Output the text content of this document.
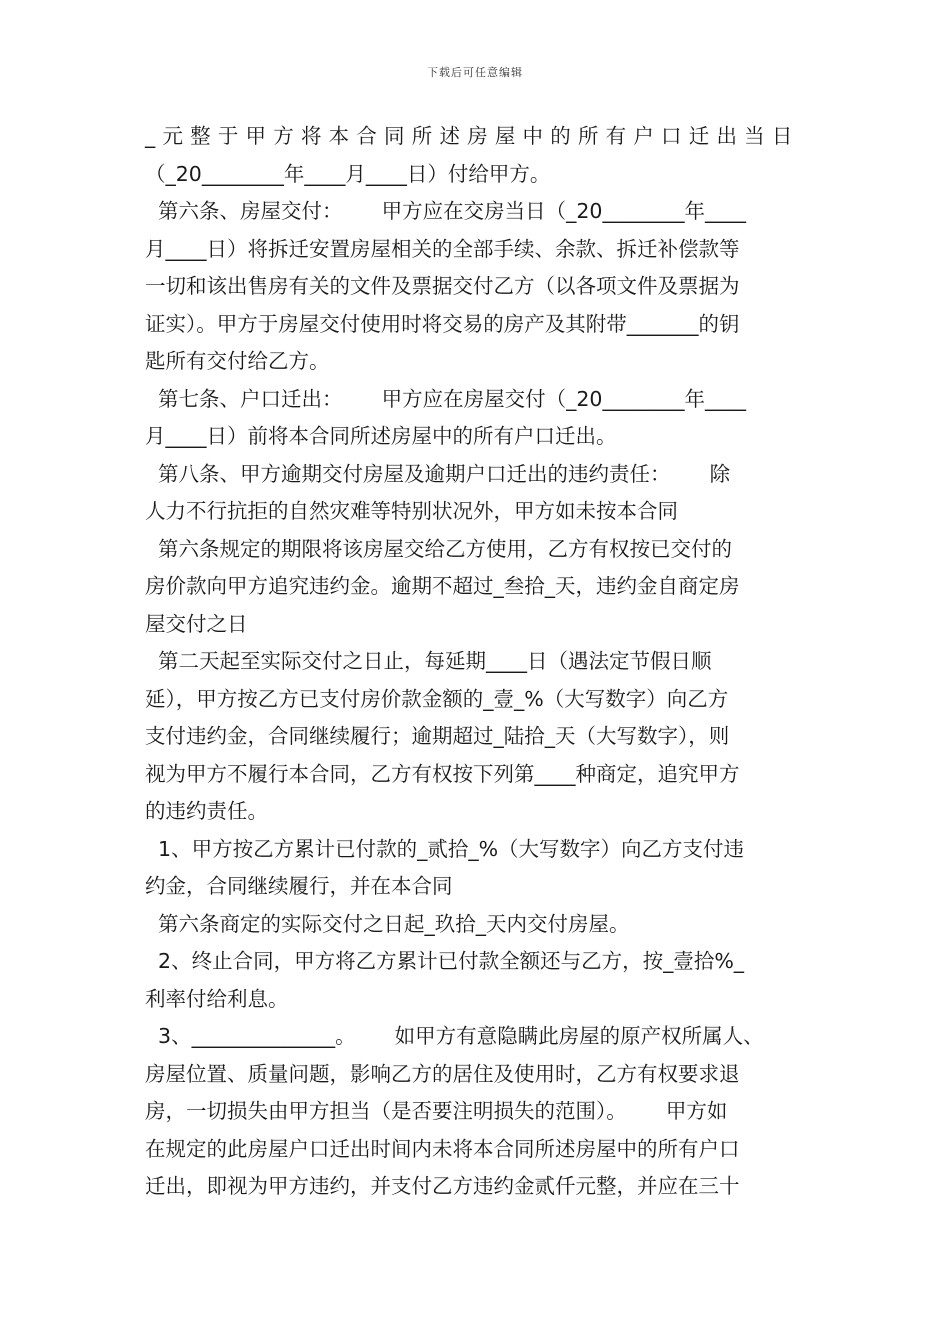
下载后可任意编辑
_元整于甲方将本合同所述房屋中的所有户口迁出当日
（_20________年____月____日）付给甲方。
第六条、房屋交付：      甲方应在交房当日（_20________年____
月____日）将拆迁安置房屋相关的全部手续、余款、拆迁补偿款等
一切和该出售房有关的文件及票据交付乙方（以各项文件及票据为
证实）。甲方于房屋交付使用时将交易的房产及其附带_______的钥
匙所有交付给乙方。
第七条、户口迁出：      甲方应在房屋交付（_20________年____
月____日）前将本合同所述房屋中的所有户口迁出。
第八条、甲方逾期交付房屋及逾期户口迁出的违约责任：      除
人力不行抗拒的自然灾难等特别状况外，甲方如未按本合同
第六条规定的期限将该房屋交给乙方使用，乙方有权按已交付的
房价款向甲方追究违约金。逾期不超过_叁拾_天，违约金自商定房
屋交付之日
第二天起至实际交付之日止，每延期____日（遇法定节假日顺
延），甲方按乙方已支付房价款金额的_壹_%（大写数字）向乙方
支付违约金，合同继续履行；逾期超过_陆拾_天（大写数字），则
视为甲方不履行本合同，乙方有权按下列第____种商定，追究甲方
的违约责任。
1、甲方按乙方累计已付款的_贰拾_%（大写数字）向乙方支付违
约金，合同继续履行，并在本合同
第六条商定的实际交付之日起_玖拾_天内交付房屋。
2、终止合同，甲方将乙方累计已付款全额还与乙方，按_壹拾%_
利率付给利息。
3、______________。      如甲方有意隐瞒此房屋的原产权所属人、
房屋位置、质量问题，影响乙方的居住及使用时，乙方有权要求退
房，一切损失由甲方担当（是否要注明损失的范围）。      甲方如
在规定的此房屋户口迁出时间内未将本合同所述房屋中的所有户口
迁出，即视为甲方违约，并支付乙方违约金贰仟元整，并应在三十
